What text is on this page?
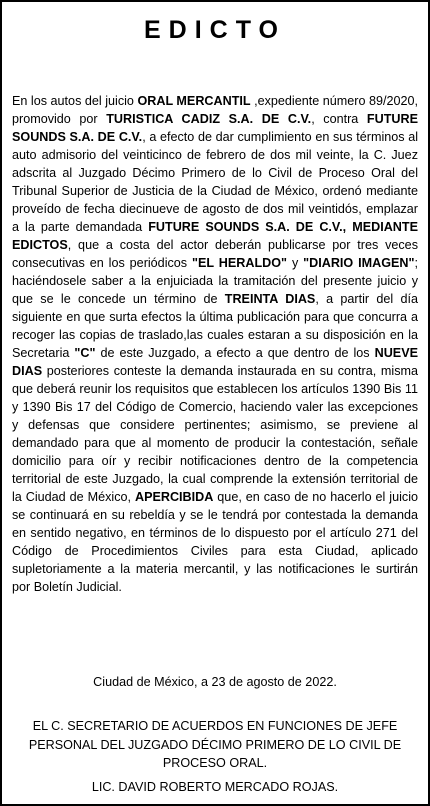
EDICTO
En los autos del juicio ORAL MERCANTIL ,expediente número 89/2020, promovido por TURISTICA CADIZ S.A. DE C.V., contra FUTURE SOUNDS S.A. DE C.V., a efecto de dar cumplimiento en sus términos al auto admisorio del veinticinco de febrero de dos mil veinte, la C. Juez adscrita al Juzgado Décimo Primero de lo Civil de Proceso Oral del Tribunal Superior de Justicia de la Ciudad de México, ordenó mediante proveído de fecha diecinueve de agosto de dos mil veintidós, emplazar a la parte demandada FUTURE SOUNDS S.A. DE C.V., MEDIANTE EDICTOS, que a costa del actor deberán publicarse por tres veces consecutivas en los periódicos "EL HERALDO" y "DIARIO IMAGEN"; haciéndosele saber a la enjuiciada la tramitación del presente juicio y que se le concede un término de TREINTA DIAS, a partir del día siguiente en que surta efectos la última publicación para que concurra a recoger las copias de traslado,las cuales estaran a su disposición en la Secretaria "C" de este Juzgado, a efecto a que dentro de los NUEVE DIAS posteriores conteste la demanda instaurada en su contra, misma que deberá reunir los requisitos que establecen los artículos 1390 Bis 11 y 1390 Bis 17 del Código de Comercio, haciendo valer las excepciones y defensas que considere pertinentes; asimismo, se previene al demandado para que al momento de producir la contestación, señale domicilio para oír y recibir notificaciones dentro de la competencia territorial de este Juzgado, la cual comprende la extensión territorial de la Ciudad de México, APERCIBIDA que, en caso de no hacerlo el juicio se continuará en su rebeldía y se le tendrá por contestada la demanda en sentido negativo, en términos de lo dispuesto por el artículo 271 del Código de Procedimientos Civiles para esta Ciudad, aplicado supletoriamente a la materia mercantil, y las notificaciones le surtirán por Boletín Judicial.
Ciudad de México, a 23 de agosto de 2022.
EL C. SECRETARIO DE ACUERDOS EN FUNCIONES DE JEFE PERSONAL DEL JUZGADO DÉCIMO PRIMERO DE LO CIVIL DE PROCESO ORAL.
LIC. DAVID ROBERTO MERCADO ROJAS.
